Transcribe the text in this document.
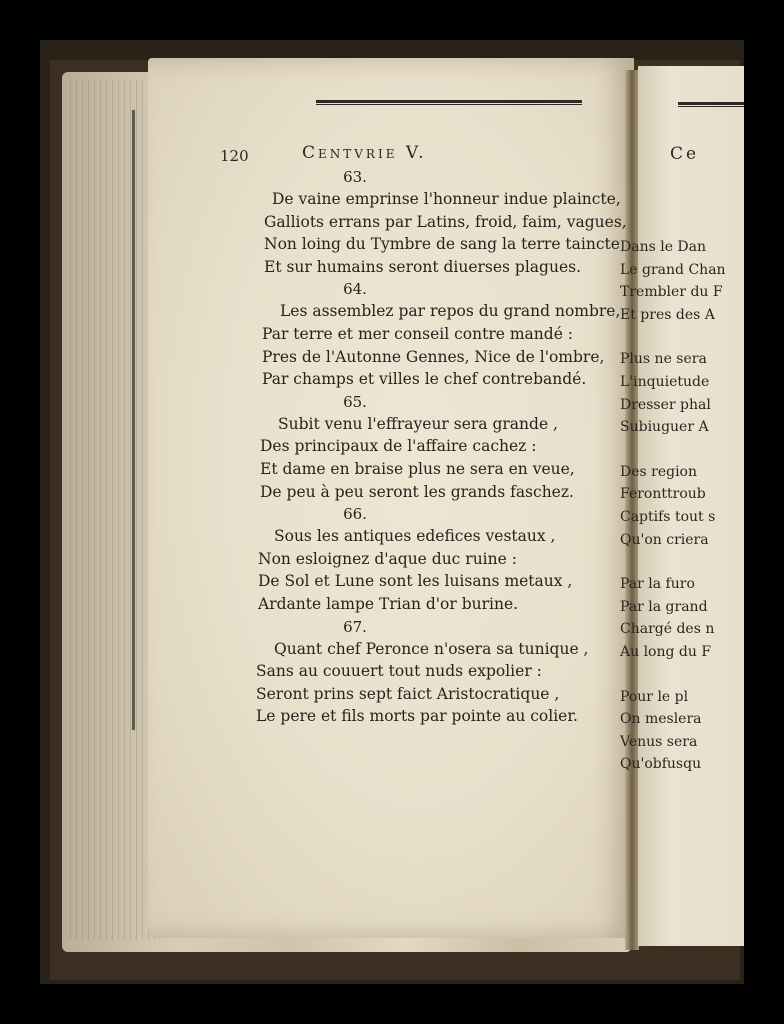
120	Centvrie V.
63.
De vaine emprinse l'honneur indue plaincte,
Galliots errans par Latins, froid, faim, vagues,
Non loing du Tymbre de sang la terre taincte
Et sur humains seront diuerses plagues.
64.
Les assemblez par repos du grand nombre,
Par terre et mer conseil contre mandé :
Pres de l'Autonne Gennes, Nice de l'ombre,
Par champs et villes le chef contrebandé.
65.
Subit venu l'effrayeur sera grande ,
Des principaux de l'affaire cachez :
Et dame en braise plus ne sera en veue,
De peu à peu seront les grands faschez.
66.
Sous les antiques edefices vestaux ,
Non esloignez d'aque duc ruine :
De Sol et Lune sont les luisans metaux ,
Ardante lampe Trian d'or burine.
67.
Quant chef Peronce n'osera sa tunique ,
Sans au couuert tout nuds expolier :
Seront prins sept faict Aristocratique ,
Le pere et fils morts par pointe au colier.
Ce
Dans le Dan
Le grand Chan
Trembler du F
Et pres des A
Plus ne sera
L'inquietude
Dresser phal
Subiuguer A
Des region
Feronttroub
Captifs tout s
Qu'on criera
Par la furo
Par la grand
Chargé des n
Au long du F
Pour le pl
On meslera
Venus sera
Qu'obfusqu
